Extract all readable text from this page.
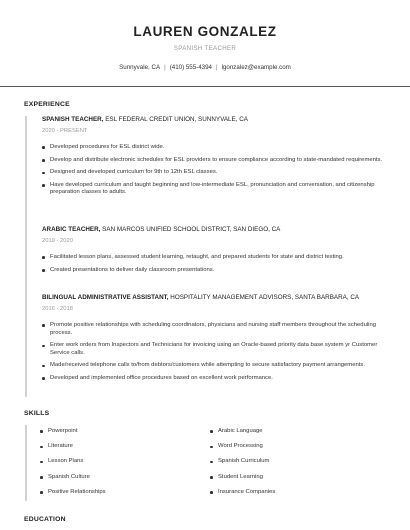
LAUREN GONZALEZ
SPANISH TEACHER
Sunnyvale, CA | (410) 555-4394 | lgonzalez@example.com
EXPERIENCE
SPANISH TEACHER, ESL FEDERAL CREDIT UNION, SUNNYVALE, CA
2020 - PRESENT
Developed procedures for ESL district wide.
Develop and distribute electronic schedules for ESL providers to ensure compliance according to state-mandated requirements.
Designed and developed curriculum for 9th to 12th ESL classes.
Have developed curriculum and taught beginning and low-intermediate ESL, pronunciation and conversation, and citizenship preparation classes to adults.
ARABIC TEACHER, SAN MARCOS UNIFIED SCHOOL DISTRICT, SAN DIEGO, CA
2019 - 2020
Facilitated lesson plans, assessed student learning, retaught, and prepared students for state and district testing.
Created presentations to deliver daily classroom presentations.
BILINGUAL ADMINISTRATIVE ASSISTANT, HOSPITALITY MANAGEMENT ADVISORS, SANTA BARBARA, CA
2016 - 2018
Promote positive relationships with scheduling coordinators, physicians and nursing staff members throughout the scheduling process.
Enter work orders from Inspectors and Technicians for invoicing using an Oracle-based priority data base system yr Customer Service calls.
Made/received telephone calls to/from debtors/customers while attempting to secure satisfactory payment arrangements.
Developed and implemented office procedures based on excellent work performance.
SKILLS
Powerpoint
Literature
Lesson Plans
Spanish Culture
Positive Relationships
Arabic Language
Word Processing
Spanish Curriculum
Student Learning
Insurance Companies
EDUCATION
